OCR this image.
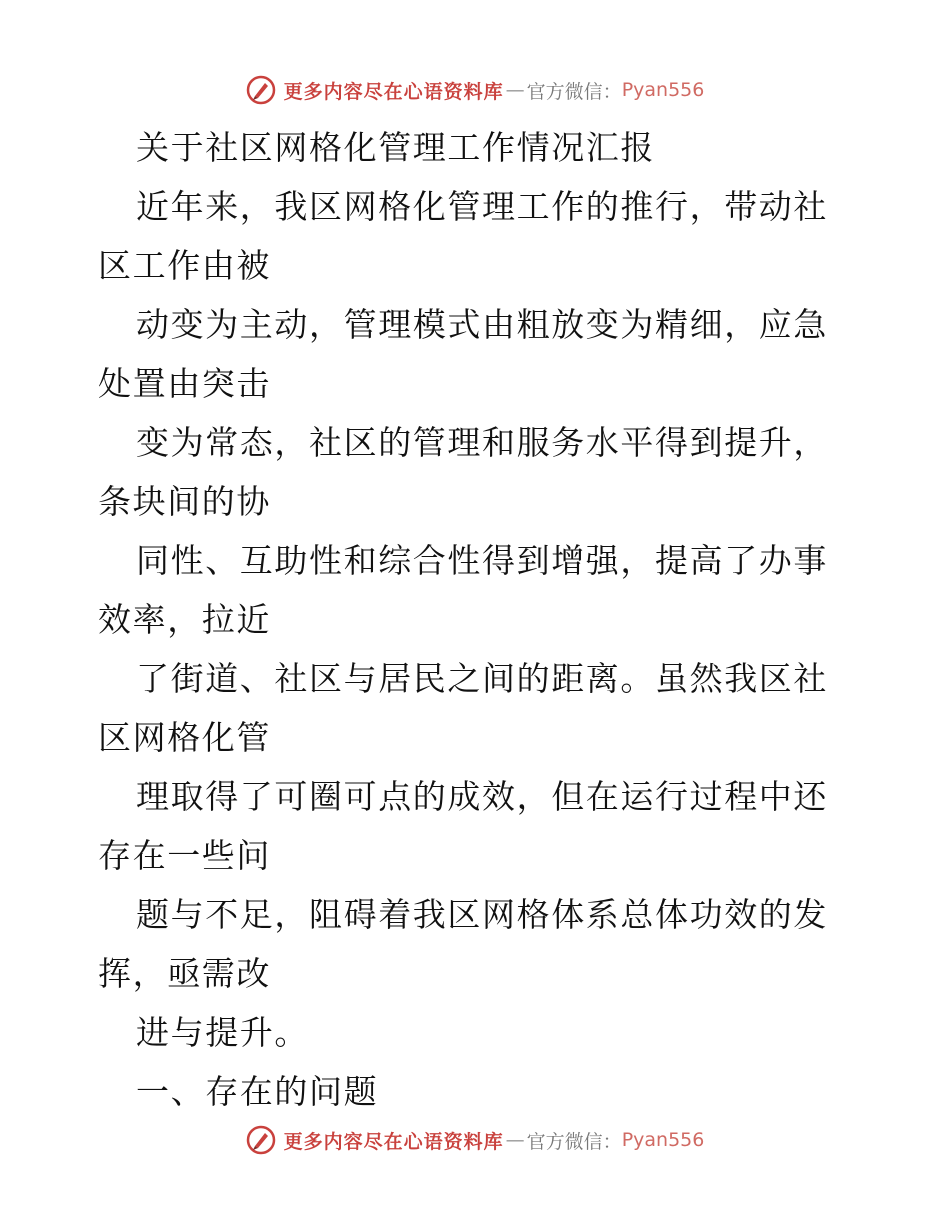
更多内容尽在心语资料库 — 官方微信： Pyan556

关于社区网格化管理工作情况汇报

近年来，我区网格化管理工作的推行，带动社区工作由被

动变为主动，管理模式由粗放变为精细，应急处置由突击

变为常态，社区的管理和服务水平得到提升，条块间的协

同性、互助性和综合性得到增强，提高了办事效率，拉近

了街道、社区与居民之间的距离。虽然我区社区网格化管

理取得了可圈可点的成效，但在运行过程中还存在一些问

题与不足，阻碍着我区网格体系总体功效的发挥，亟需改

进与提升。

一、存在的问题

更多内容尽在心语资料库 — 官方微信： Pyan556
